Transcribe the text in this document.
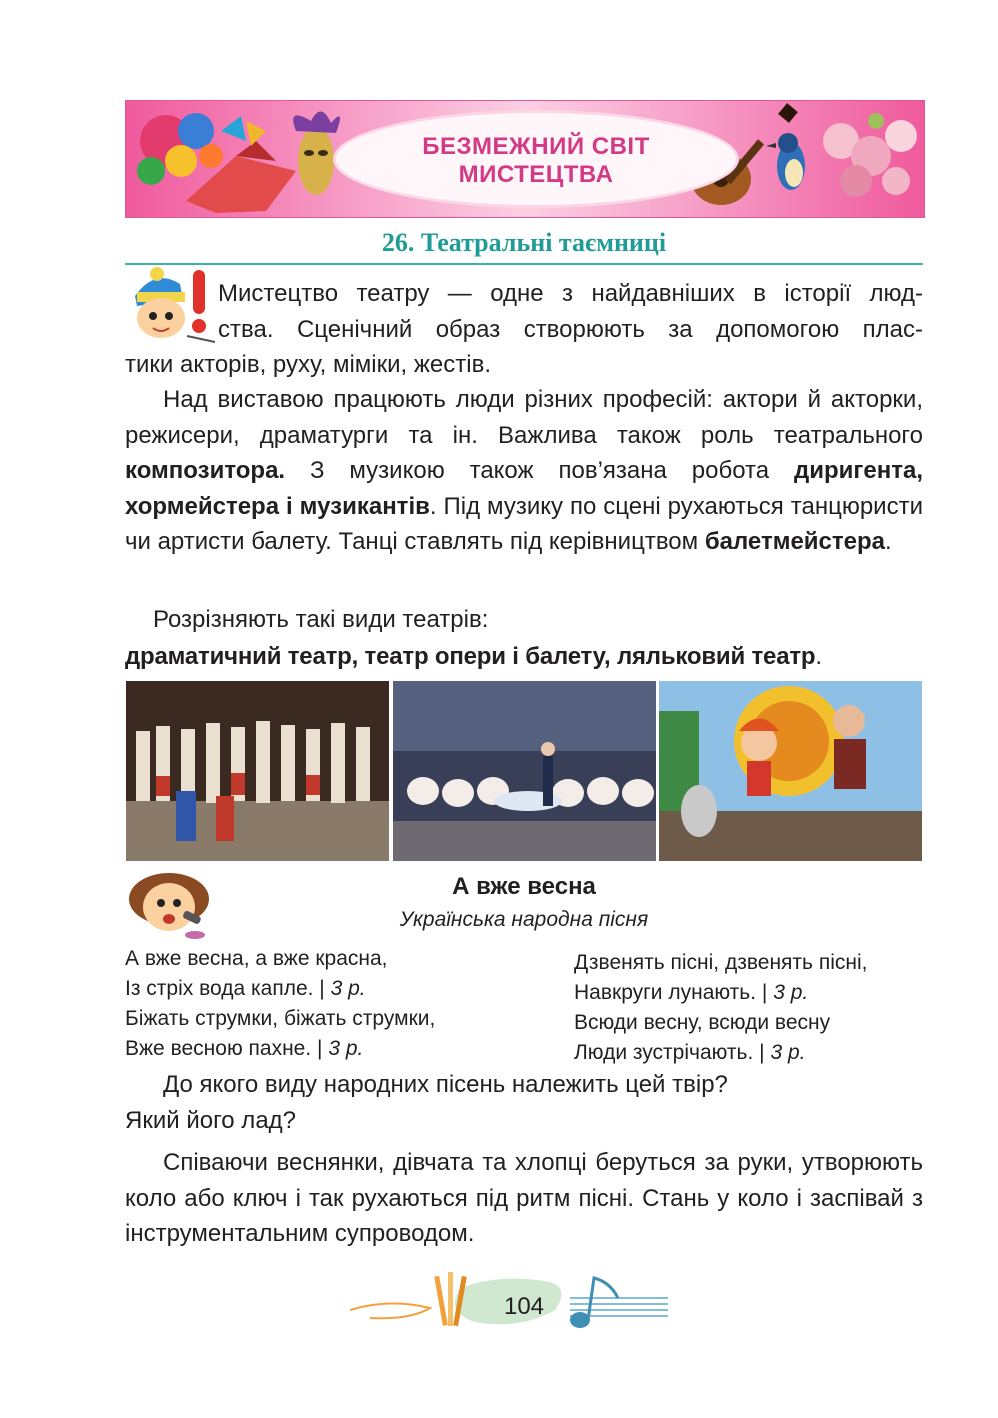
БЕЗМЕЖНИЙ СВІТ
МИСТЕЦТВА
26. Театральні таємниці

Мистецтво театру — одне з найдавніших в історії люд-

ства. Сценічний образ створюють за допомогою плас-

тики акторів, руху, міміки, жестів.

Над виставою працюють люди різних професій: актори й акторки, режисери, драматурги та ін. Важлива також роль театрального композитора. З музикою також пов’язана робота диригента, хормейстера і музикантів. Під музику по сцені рухаються танцюристи чи артисти балету. Танці ставлять під керівництвом балетмейстера.

Розрізняють такі види театрів:

драматичний театр, театр опери і балету, ляльковий театр.

А вже весна
Українська народна пісня
А вже весна, а вже красна,
Із стріх вода капле. | 3 р.
Біжать струмки, біжать струмки,
Вже весною пахне. | 3 р.
Дзвенять пісні, дзвенять пісні,
Навкруги лунають. | 3 р.
Всюди весну, всюди весну
Люди зустрічають. | 3 р.

До якого виду народних пісень належить цей твір?

Який його лад?

Співаючи веснянки, дівчата та хлопці беруться за руки, утворюють коло або ключ і так рухаються під ритм пісні. Стань у коло і заспівай з інструментальним супроводом.

104
